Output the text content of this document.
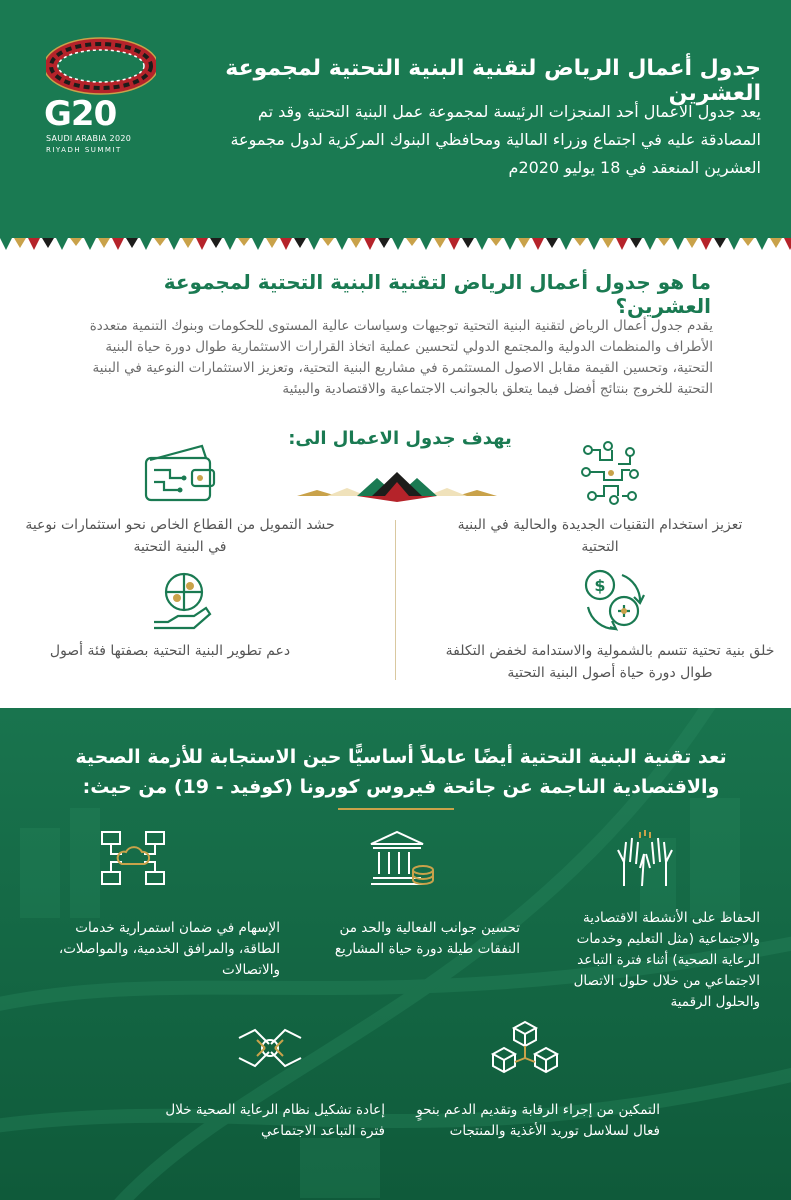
G20
SAUDI ARABIA 2020
RIYADH SUMMIT
جدول أعمال الرياض لتقنية البنية التحتية لمجموعة العشرين
يعد جدول الأعمال أحد المنجزات الرئيسة لمجموعة عمل البنية التحتية وقد تم المصادقة عليه في اجتماع وزراء المالية ومحافظي البنوك المركزية لدول مجموعة العشرين المنعقد في 18 يوليو 2020م
ما هو جدول أعمال الرياض لتقنية البنية التحتية لمجموعة العشرين؟
يقدم جدول أعمال الرياض لتقنية البنية التحتية توجيهات وسياسات عالية المستوى للحكومات وبنوك التنمية متعددة الأطراف والمنظمات الدولية والمجتمع الدولي لتحسين عملية اتخاذ القرارات الاستثمارية طوال دورة حياة البنية التحتية، وتحسين القيمة مقابل الاصول المستثمرة في مشاريع البنية التحتية، وتعزيز الاستثمارات النوعية في البنية التحتية للخروج بنتائج أفضل فيما يتعلق بالجوانب الاجتماعية والاقتصادية والبيئية
يهدف جدول الاعمال الى:
تعزيز استخدام التقنيات الجديدة والحالية في البنية التحتية
حشد التمويل من القطاع الخاص نحو استثمارات نوعية في البنية التحتية
$
خلق بنية تحتية تتسم بالشمولية والاستدامة لخفض التكلفة طوال دورة حياة أصول البنية التحتية
دعم تطوير البنية التحتية بصفتها فئة أصول
تعد تقنية البنية التحتية أيضًا عاملاً أساسيًّا حين الاستجابة للأزمة الصحية والاقتصادية الناجمة عن جائحة فيروس كورونا (كوفيد - 19) من حيث:
الحفاظ على الأنشطة الاقتصادية والاجتماعية (مثل التعليم وخدمات الرعاية الصحية) أثناء فترة التباعد الاجتماعي من خلال حلول الاتصال والحلول الرقمية
تحسين جوانب الفعالية والحد من النفقات طيلة دورة حياة المشاريع
الإسهام في ضمان استمرارية خدمات الطاقة، والمرافق الخدمية، والمواصلات، والاتصالات
التمكين من إجراء الرقابة وتقديم الدعم بنحوٍ فعال لسلاسل توريد الأغذية والمنتجات
إعادة تشكيل نظام الرعاية الصحية خلال فترة التباعد الاجتماعي
